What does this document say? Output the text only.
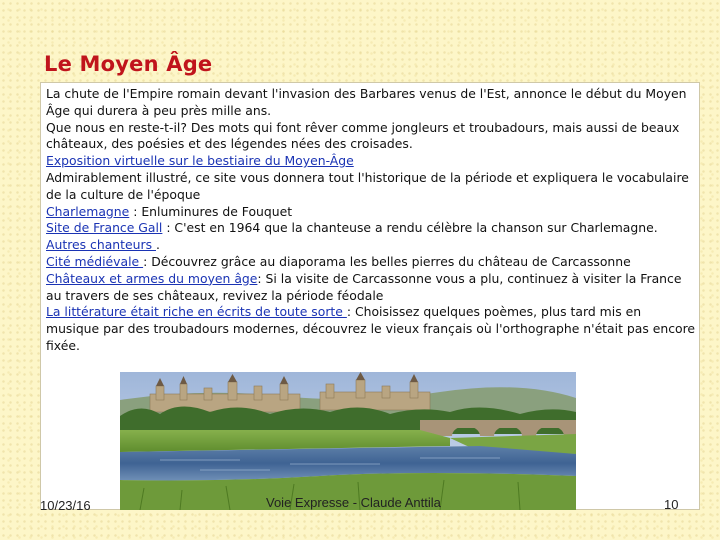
Le Moyen Âge

La chute de l'Empire romain devant l'invasion des Barbares venus de l'Est, annonce le début du Moyen Âge qui durera à peu près mille ans.

Que nous en reste-t-il? Des mots qui font rêver comme jongleurs et troubadours, mais aussi de beaux châteaux, des poésies et des légendes nées des croisades.

Exposition virtuelle sur le bestiaire du Moyen-Âge

Admirablement illustré, ce site vous donnera tout l'historique de la période et expliquera le vocabulaire de la culture de l'époque

Charlemagne : Enluminures de Fouquet

Site de France Gall : C'est en 1964 que la chanteuse a rendu célèbre la chanson sur Charlemagne. Autres chanteurs .

Cité médiévale : Découvrez grâce au diaporama les belles pierres du château de Carcassonne

Châteaux et armes du moyen âge: Si la visite de Carcassonne vous a plu, continuez à visiter la France au travers de ses châteaux, revivez la période féodale

La littérature était riche en écrits de toute sorte : Choisissez quelques poèmes, plus tard mis en musique par des troubadours modernes, découvrez le vieux français où l'orthographe n'était pas encore fixée.

10/23/16	Voie Expresse - Claude Anttila	10
